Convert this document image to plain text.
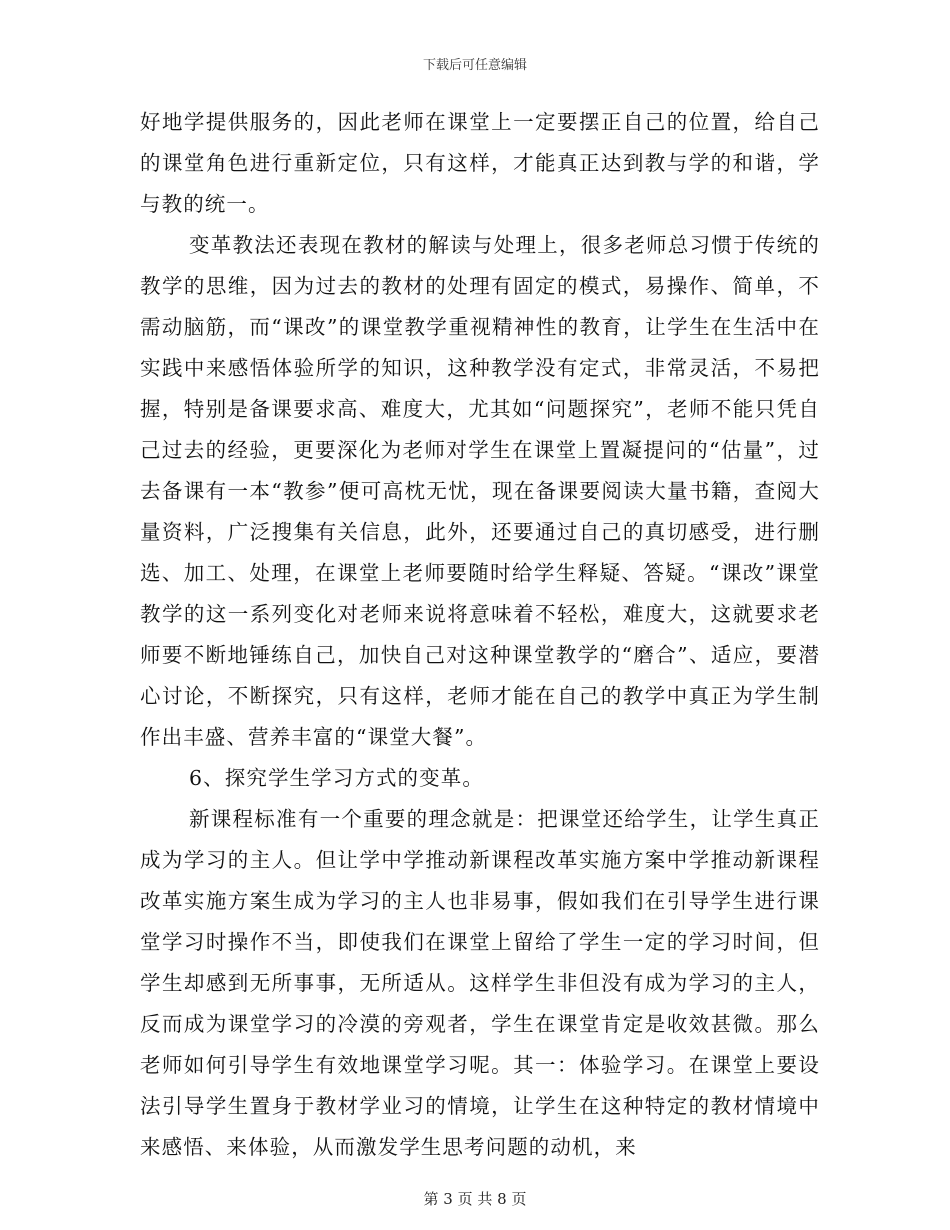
下载后可任意编辑

好地学提供服务的，因此老师在课堂上一定要摆正自己的位置，给自己的课堂角色进行重新定位，只有这样，才能真正达到教与学的和谐，学与教的统一。

变革教法还表现在教材的解读与处理上，很多老师总习惯于传统的教学的思维，因为过去的教材的处理有固定的模式，易操作、简单，不需动脑筋，而“课改”的课堂教学重视精神性的教育，让学生在生活中在实践中来感悟体验所学的知识，这种教学没有定式，非常灵活，不易把握，特别是备课要求高、难度大，尤其如“问题探究”，老师不能只凭自己过去的经验，更要深化为老师对学生在课堂上置凝提问的“估量”，过去备课有一本“教参”便可高枕无忧，现在备课要阅读大量书籍，查阅大量资料，广泛搜集有关信息，此外，还要通过自己的真切感受，进行删选、加工、处理，在课堂上老师要随时给学生释疑、答疑。“课改”课堂教学的这一系列变化对老师来说将意味着不轻松，难度大，这就要求老师要不断地锤练自己，加快自己对这种课堂教学的“磨合”、适应，要潜心讨论，不断探究，只有这样，老师才能在自己的教学中真正为学生制作出丰盛、营养丰富的“课堂大餐”。

6、探究学生学习方式的变革。

新课程标准有一个重要的理念就是：把课堂还给学生，让学生真正成为学习的主人。但让学中学推动新课程改革实施方案中学推动新课程改革实施方案生成为学习的主人也非易事，假如我们在引导学生进行课堂学习时操作不当，即使我们在课堂上留给了学生一定的学习时间，但学生却感到无所事事，无所适从。这样学生非但没有成为学习的主人，反而成为课堂学习的冷漠的旁观者，学生在课堂肯定是收效甚微。那么老师如何引导学生有效地课堂学习呢。其一：体验学习。在课堂上要设法引导学生置身于教材学业习的情境，让学生在这种特定的教材情境中来感悟、来体验，从而激发学生思考问题的动机，来

第 3 页 共 8 页
